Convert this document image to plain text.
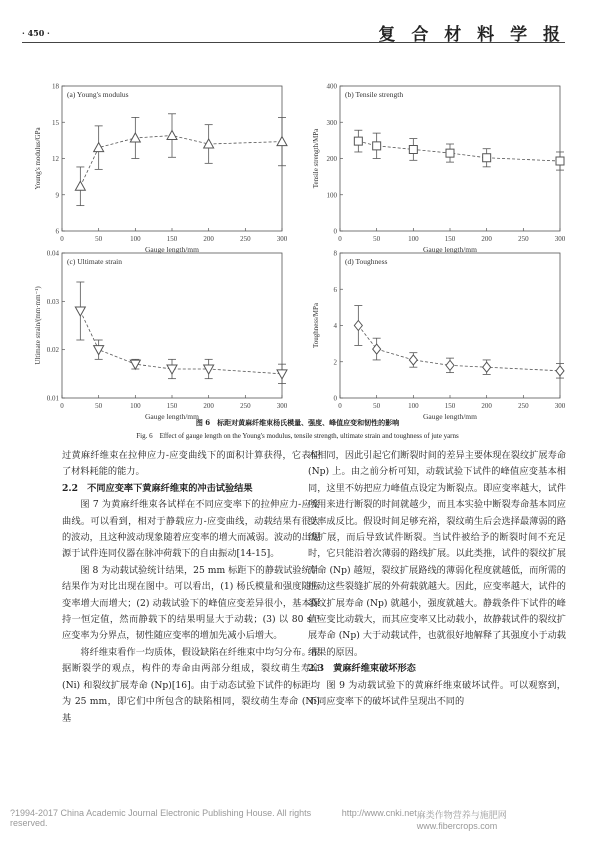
· 450 ·	复 合 材 料 学 报
0	50	100	150	200	250	300
6
9
12
15
18
Gauge length/mm
Young's modulus/GPa
(a) Young's modulus
0	50	100	150	200	250	300
0
100
200
300
400
Gauge length/mm
Tensile strength/MPa
(b) Tensile strength
0	50	100	150	200	250	300
0.01
0.02
0.03
0.04
Gauge length/mm
Ultimate strain/(mm·mm⁻¹)
(c) Ultimate strain
0	50	100	150	200	250	300
0
2
4
6
8
Gauge length/mm
Toughness/MPa
(d) Toughness
图 6　标距对黄麻纤维束杨氏模量、强度、峰值应变和韧性的影响
Fig. 6　Effect of gauge length on the Young's modulus, tensile strength, ultimate strain and toughness of jute yarns

过黄麻纤维束在拉伸应力-应变曲线下的面积计算获得，它表征了材料耗能的能力。

2.2　不同应变率下黄麻纤维束的冲击试验结果

图 7 为黄麻纤维束各试样在不同应变率下的拉伸应力-应变曲线。可以看到，相对于静载应力-应变曲线，动载结果有很大的波动，且这种波动现象随着应变率的增大而减弱。波动的出现源于试件连同仪器在脉冲荷载下的自由振动[14-15]。

图 8 为动载试验统计结果，25 mm 标距下的静载试验统计结果作为对比出现在图中。可以看出，(1) 杨氏模量和强度随应变率增大而增大；(2) 动载试验下的峰值应变差异很小，基本保持一恒定值，然而静载下的结果明显大于动载；(3) 以 80 s⁻¹ 应变率为分界点，韧性随应变率的增加先减小后增大。

将纤维束看作一均质体，假设缺陷在纤维束中均匀分布。根据断裂学的观点，构件的寿命由两部分组成，裂纹萌生寿命 (Ni) 和裂纹扩展寿命 (Np)[16]。由于动态试验下试件的标距均为 25 mm，即它们中所包含的缺陷相同，裂纹萌生寿命 (Ni) 基

本相同，因此引起它们断裂时间的差异主要体现在裂纹扩展寿命 (Np) 上。由之前分析可知，动载试验下试件的峰值应变基本相同，这里不妨把应力峰值点设定为断裂点。即应变率越大，试件所用来进行断裂的时间就越少，而且本实验中断裂寿命基本同应变率成反比。假设时间足够充裕，裂纹萌生后会选择最薄弱的路线扩展，而后导致试件断裂。当试件被给予的断裂时间不充足时，它只能沿着次薄弱的路线扩展。以此类推，试件的裂纹扩展寿命 (Np) 越短，裂纹扩展路线的薄弱化程度就越低，而所需的推动这些裂缝扩展的外荷载就越大。因此，应变率越大，试件的裂纹扩展寿命 (Np) 就越小，强度就越大。静载条件下试件的峰值应变比动载大，而其应变率又比动载小，故静载试件的裂纹扩展寿命 (Np) 大于动载试件，也就很好地解释了其强度小于动载结果的原因。

2.3　黄麻纤维束破坏形态

图 9 为动载试验下的黄麻纤维束破坏试件。可以观察到，不同应变率下的破坏试件呈现出不同的

?1994-2017 China Academic Journal Electronic Publishing House. All rights reserved.
http://www.cnki.net 麻类作物营养与施肥网 www.fibercrops.com
